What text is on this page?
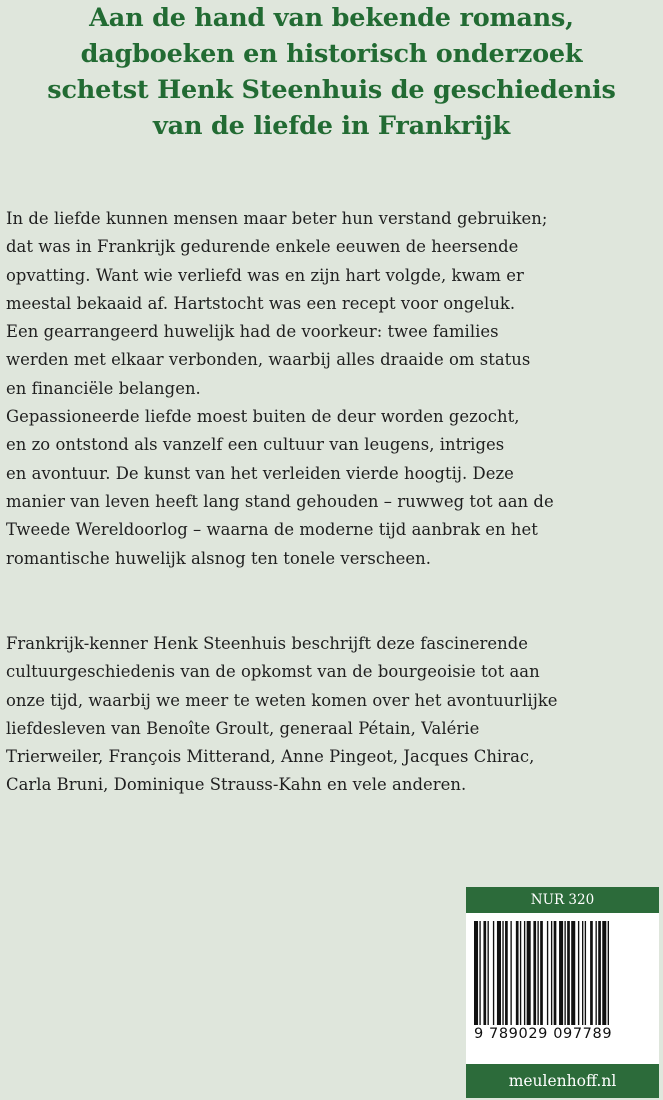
Aan de hand van bekende romans,
dagboeken en historisch onderzoek
schetst Henk Steenhuis de geschiedenis
van de liefde in Frankrijk
In de liefde kunnen mensen maar beter hun verstand gebruiken;
dat was in Frankrijk gedurende enkele eeuwen de heersende
opvatting. Want wie verliefd was en zijn hart volgde, kwam er
meestal bekaaid af. Hartstocht was een recept voor ongeluk.
Een gearrangeerd huwelijk had de voorkeur: twee families
werden met elkaar verbonden, waarbij alles draaide om status
en financiële belangen.
Gepassioneerde liefde moest buiten de deur worden gezocht,
en zo ontstond als vanzelf een cultuur van leugens, intriges
en avontuur. De kunst van het verleiden vierde hoogtij. Deze
manier van leven heeft lang stand gehouden – ruwweg tot aan de
Tweede Wereldoorlog – waarna de moderne tijd aanbrak en het
romantische huwelijk alsnog ten tonele verscheen.
Frankrijk-kenner Henk Steenhuis beschrijft deze fascinerende
cultuurgeschiedenis van de opkomst van de bourgeoisie tot aan
onze tijd, waarbij we meer te weten komen over het avontuurlijke
liefdesleven van Benoîte Groult, generaal Pétain, Valérie
Trierweiler, François Mitterand, Anne Pingeot, Jacques Chirac,
Carla Bruni, Dominique Strauss-Kahn en vele anderen.
NUR 320
9 789029 097789
meulenhoff.nl
